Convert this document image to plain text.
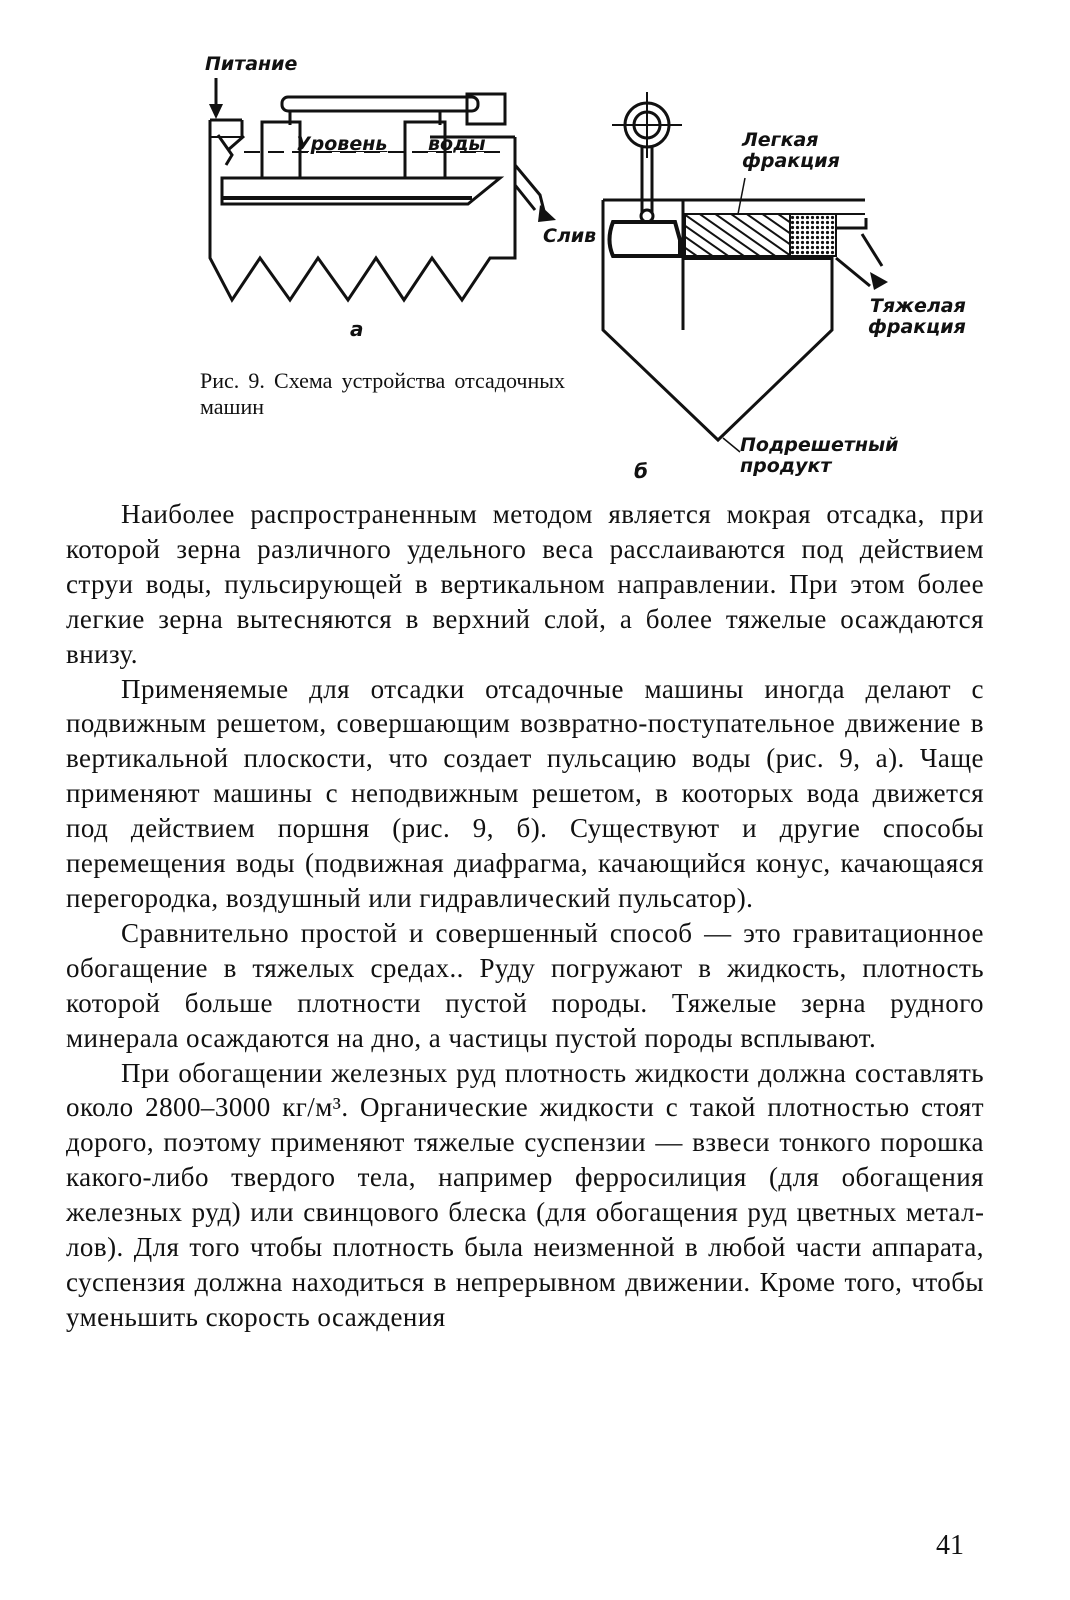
Питание
Уровень воды
Слив
а
Легкая
фракция
Тяжелая
фракция
Подрешетный
продукт
б
Рис. 9. Схема устройства отсадочных машин

Наиболее распространенным методом является мокрая отсадка, при которой зерна различного удельного веса расслаиваются под действием струи воды, пульсирующей в вертикальном направлении. При этом более легкие зерна вытесняются в верхний слой, а более тяжелые осаждаются внизу.

Применяемые для отсадки отсадочные машины иногда делают с подвижным решетом, совершающим возвратно-поступательное движение в вертикальной плоскости, что создает пульсацию воды (рис. 9, а). Чаще применяют машины с неподвижным решетом, в кооторых вода движется под действием поршня (рис. 9, б). Существуют и другие способы перемещения воды (подвижная диафрагма, качающийся конус, качающаяся перегородка, воздушный или гидравлический пульсатор).

Сравнительно простой и совершенный способ — это гравитационное обогащение в тяжелых средах.. Руду погружают в жидкость, плотность которой больше плотности пустой породы. Тяжелые зерна рудного минерала осаждаются на дно, а частицы пустой породы всплывают.

При обогащении железных руд плотность жидкости должна составлять около 2800–3000 кг/м³. Органические жидкости с такой плотностью стоят дорого, поэтому применяют тяжелые суспензии — взвеси тонкого порошка какого-либо твердого тела, например ферросилиция (для обогащения железных руд) или свинцового блеска (для обогащения руд цветных металлов). Для того чтобы плотность была неизменной в любой части аппарата, суспензия должна находиться в непрерывном движении. Кроме того, чтобы уменьшить скорость осаждения

41
